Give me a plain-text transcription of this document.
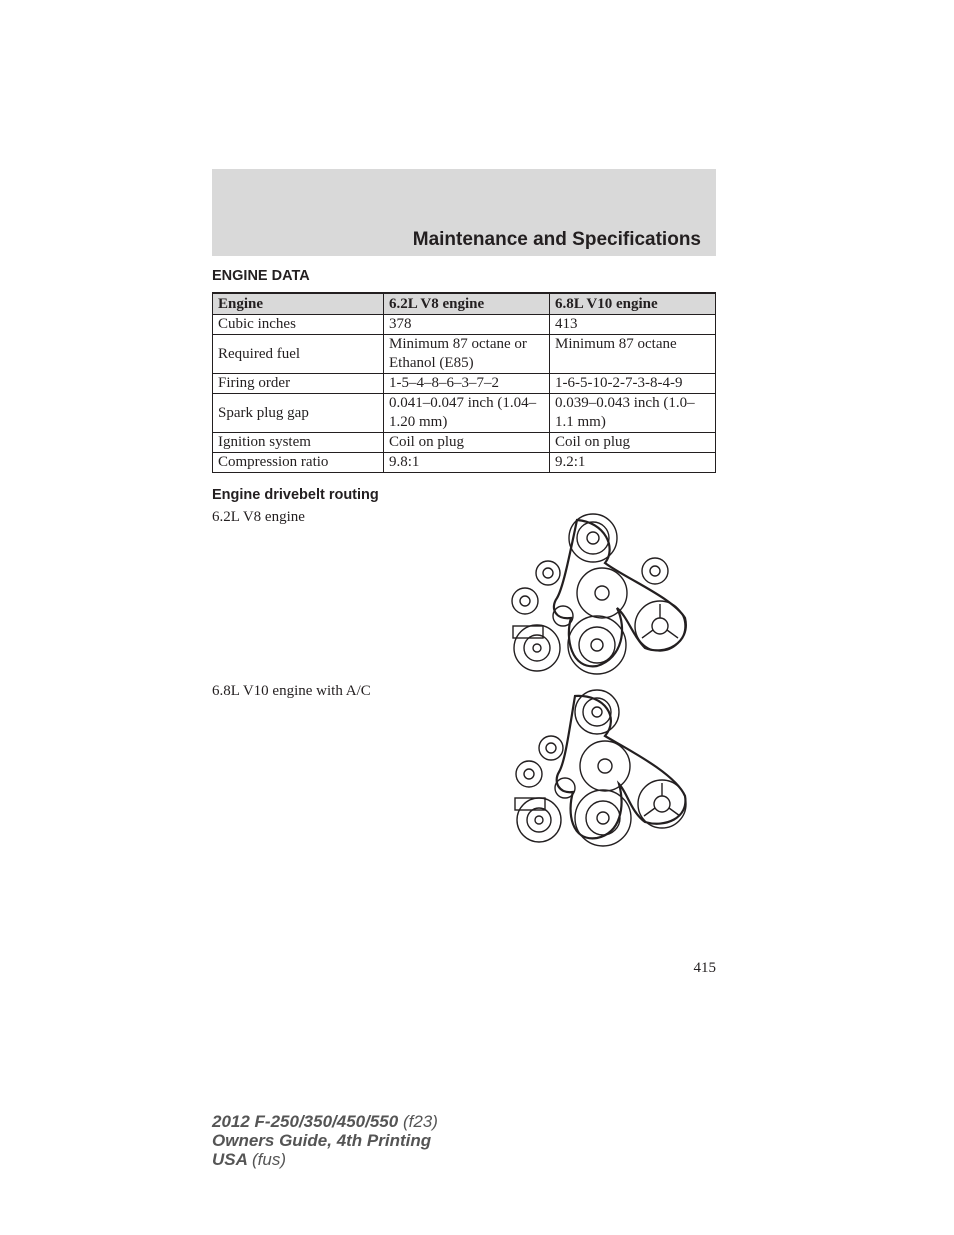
Maintenance and Specifications
ENGINE DATA
Engine	6.2L V8 engine	6.8L V10 engine
Cubic inches	378	413
Required fuel	Minimum 87 octane or Ethanol (E85)	Minimum 87 octane
Firing order	1-5–4–8–6–3–7–2	1-6-5-10-2-7-3-8-4-9
Spark plug gap	0.041–0.047 inch (1.04–1.20 mm)	0.039–0.043 inch (1.0–1.1 mm)
Ignition system	Coil on plug	Coil on plug
Compression ratio	9.8:1	9.2:1
Engine drivebelt routing
6.2L V8 engine
6.8L V10 engine with A/C
415
2012 F-250/350/450/550 (f23)
Owners Guide, 4th Printing
USA (fus)
